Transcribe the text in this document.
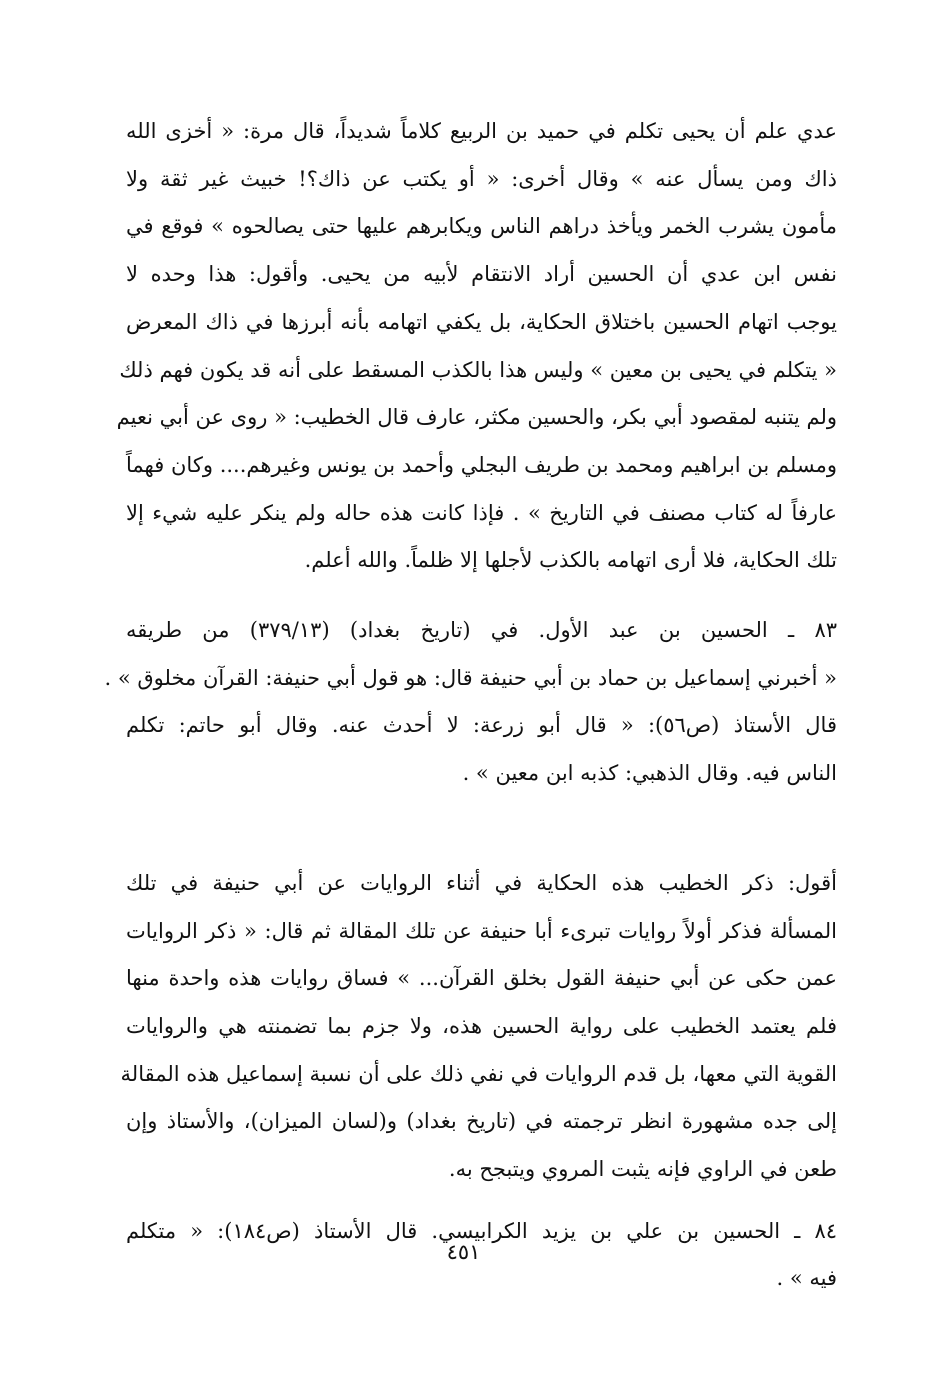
عدي علم أن يحيى تكلم في حميد بن الربيع كلاماً شديداً، قال مرة: « أخزى الله
ذاك ومن يسأل عنه » وقال أخرى: « أو يكتب عن ذاك؟! خبيث غير ثقة ولا
مأمون يشرب الخمر ويأخذ دراهم الناس ويكابرهم عليها حتى يصالحوه » فوقع في
نفس ابن عدي أن الحسين أراد الانتقام لأبيه من يحيى. وأقول: هذا وحده لا
يوجب اتهام الحسين باختلاق الحكاية، بل يكفي اتهامه بأنه أبرزها في ذاك المعرض
« يتكلم في يحيى بن معين » وليس هذا بالكذب المسقط على أنه قد يكون فهم ذلك
ولم يتنبه لمقصود أبي بكر، والحسين مكثر، عارف قال الخطيب: « روى عن أبي نعيم
ومسلم بن ابراهيم ومحمد بن طريف البجلي وأحمد بن يونس وغيرهم.... وكان فهماً
عارفاً له كتاب مصنف في التاريخ » . فإذا كانت هذه حاله ولم ينكر عليه شيء إلا
تلك الحكاية، فلا أرى اتهامه بالكذب لأجلها إلا ظلماً. والله أعلم.
٨٣ ـ الحسين بن عبد الأول. في (تاريخ بغداد) (٣٧٩/١٣) من طريقه
« أخبرني إسماعيل بن حماد بن أبي حنيفة قال: هو قول أبي حنيفة: القرآن مخلوق » .
قال الأستاذ (ص٥٦): « قال أبو زرعة: لا أحدث عنه. وقال أبو حاتم: تكلم
الناس فيه. وقال الذهبي: كذبه ابن معين » .
أقول: ذكر الخطيب هذه الحكاية في أثناء الروايات عن أبي حنيفة في تلك
المسألة فذكر أولاً روايات تبرىء أبا حنيفة عن تلك المقالة ثم قال: « ذكر الروايات
عمن حكى عن أبي حنيفة القول بخلق القرآن... » فساق روايات هذه واحدة منها
فلم يعتمد الخطيب على رواية الحسين هذه، ولا جزم بما تضمنته هي والروايات
القوية التي معها، بل قدم الروايات في نفي ذلك على أن نسبة إسماعيل هذه المقالة
إلى جده مشهورة انظر ترجمته في (تاريخ بغداد) و(لسان الميزان)، والأستاذ وإن
طعن في الراوي فإنه يثبت المروي ويتبجح به.
٨٤ ـ الحسين بن علي بن يزيد الكرابيسي. قال الأستاذ (ص١٨٤): « متكلم
فيه » .
٤٥١
